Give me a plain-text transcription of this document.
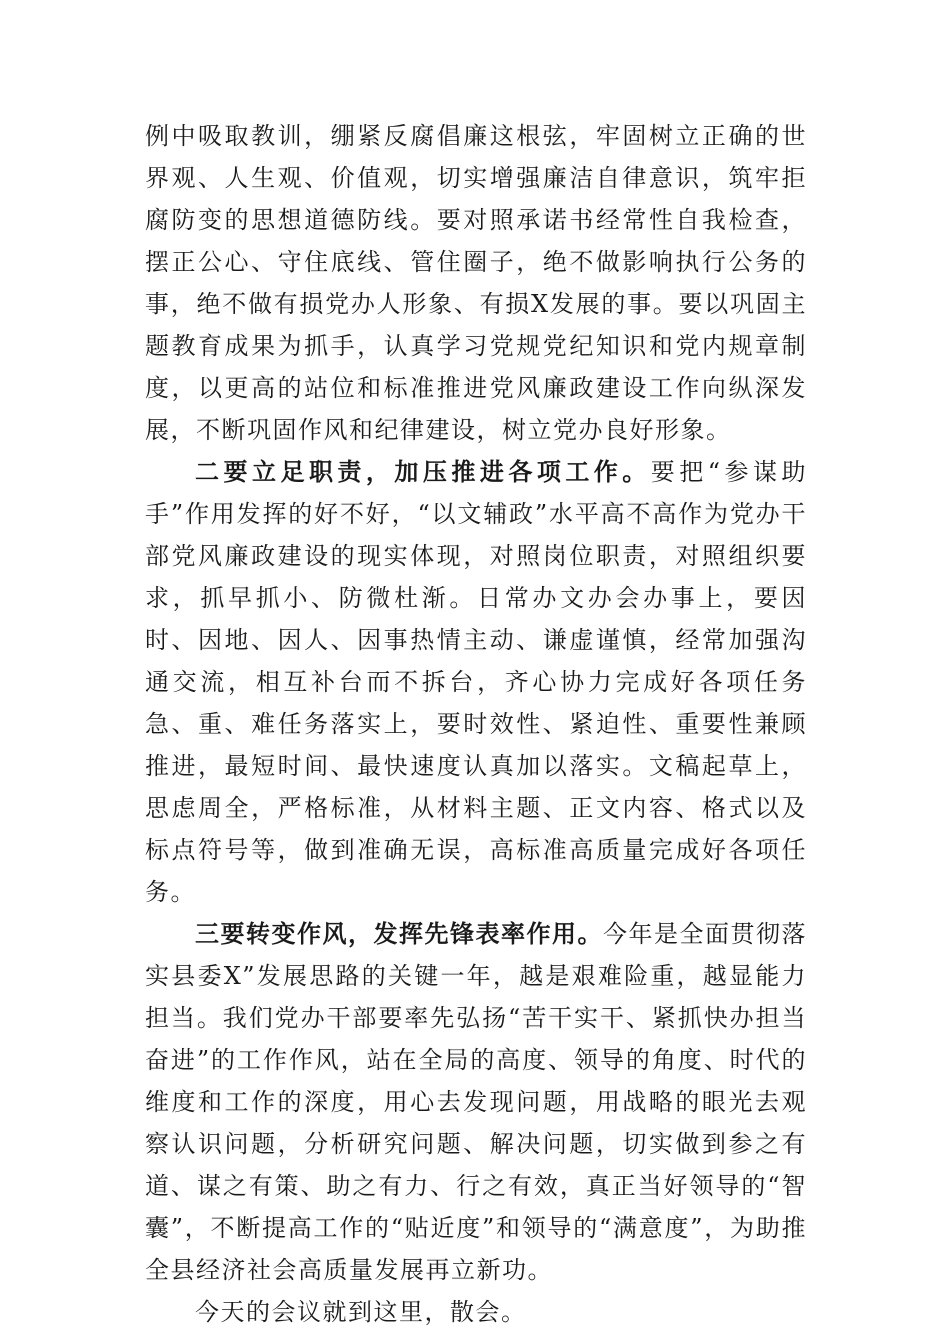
例中吸取教训，绷紧反腐倡廉这根弦，牢固树立正确的世界观、人生观、价值观，切实增强廉洁自律意识，筑牢拒腐防变的思想道德防线。要对照承诺书经常性自我检查，摆正公心、守住底线、管住圈子，绝不做影响执行公务的事，绝不做有损党办人形象、有损X发展的事。要以巩固主题教育成果为抓手，认真学习党规党纪知识和党内规章制度，以更高的站位和标准推进党风廉政建设工作向纵深发展，不断巩固作风和纪律建设，树立党办良好形象。

二要立足职责，加压推进各项工作。要把“参谋助手”作用发挥的好不好，“以文辅政”水平高不高作为党办干部党风廉政建设的现实体现，对照岗位职责，对照组织要求，抓早抓小、防微杜渐。日常办文办会办事上，要因时、因地、因人、因事热情主动、谦虚谨慎，经常加强沟通交流，相互补台而不拆台，齐心协力完成好各项任务急、重、难任务落实上，要时效性、紧迫性、重要性兼顾推进，最短时间、最快速度认真加以落实。文稿起草上，思虑周全，严格标准，从材料主题、正文内容、格式以及标点符号等，做到准确无误，高标准高质量完成好各项任务。

三要转变作风，发挥先锋表率作用。今年是全面贯彻落实县委X”发展思路的关键一年，越是艰难险重，越显能力担当。我们党办干部要率先弘扬“苦干实干、紧抓快办担当奋进”的工作作风，站在全局的高度、领导的角度、时代的维度和工作的深度，用心去发现问题，用战略的眼光去观察认识问题，分析研究问题、解决问题，切实做到参之有道、谋之有策、助之有力、行之有效，真正当好领导的“智囊”，不断提高工作的“贴近度”和领导的“满意度”，为助推全县经济社会高质量发展再立新功。

今天的会议就到这里，散会。
